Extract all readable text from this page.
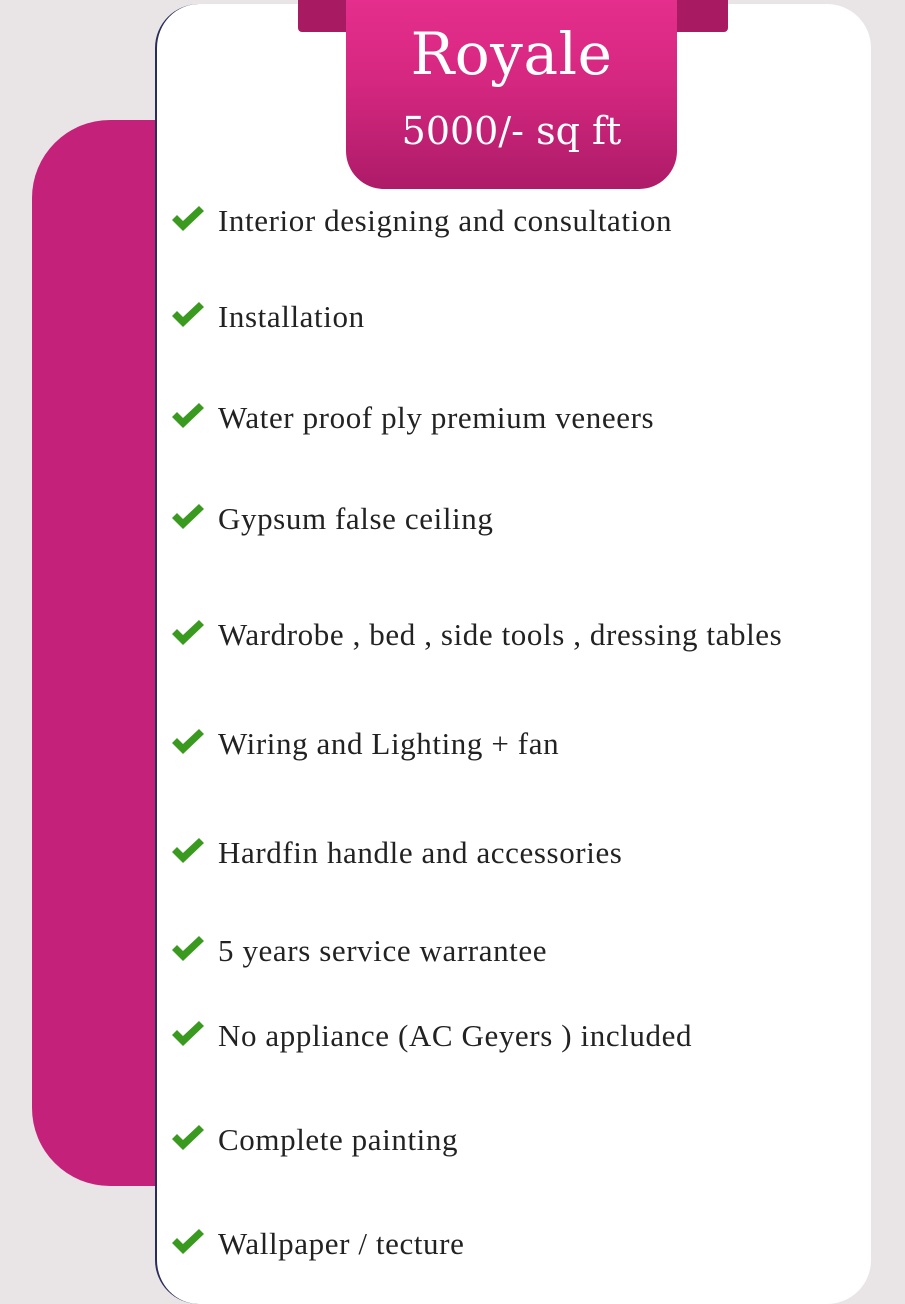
Royale
5000/- sq ft
Interior designing and consultation
Installation
Water proof ply premium veneers
Gypsum false ceiling
Wardrobe , bed , side tools , dressing tables
Wiring and Lighting + fan
Hardfin handle and accessories
5 years service warrantee
No appliance (AC Geyers ) included
Complete painting
Wallpaper / tecture
